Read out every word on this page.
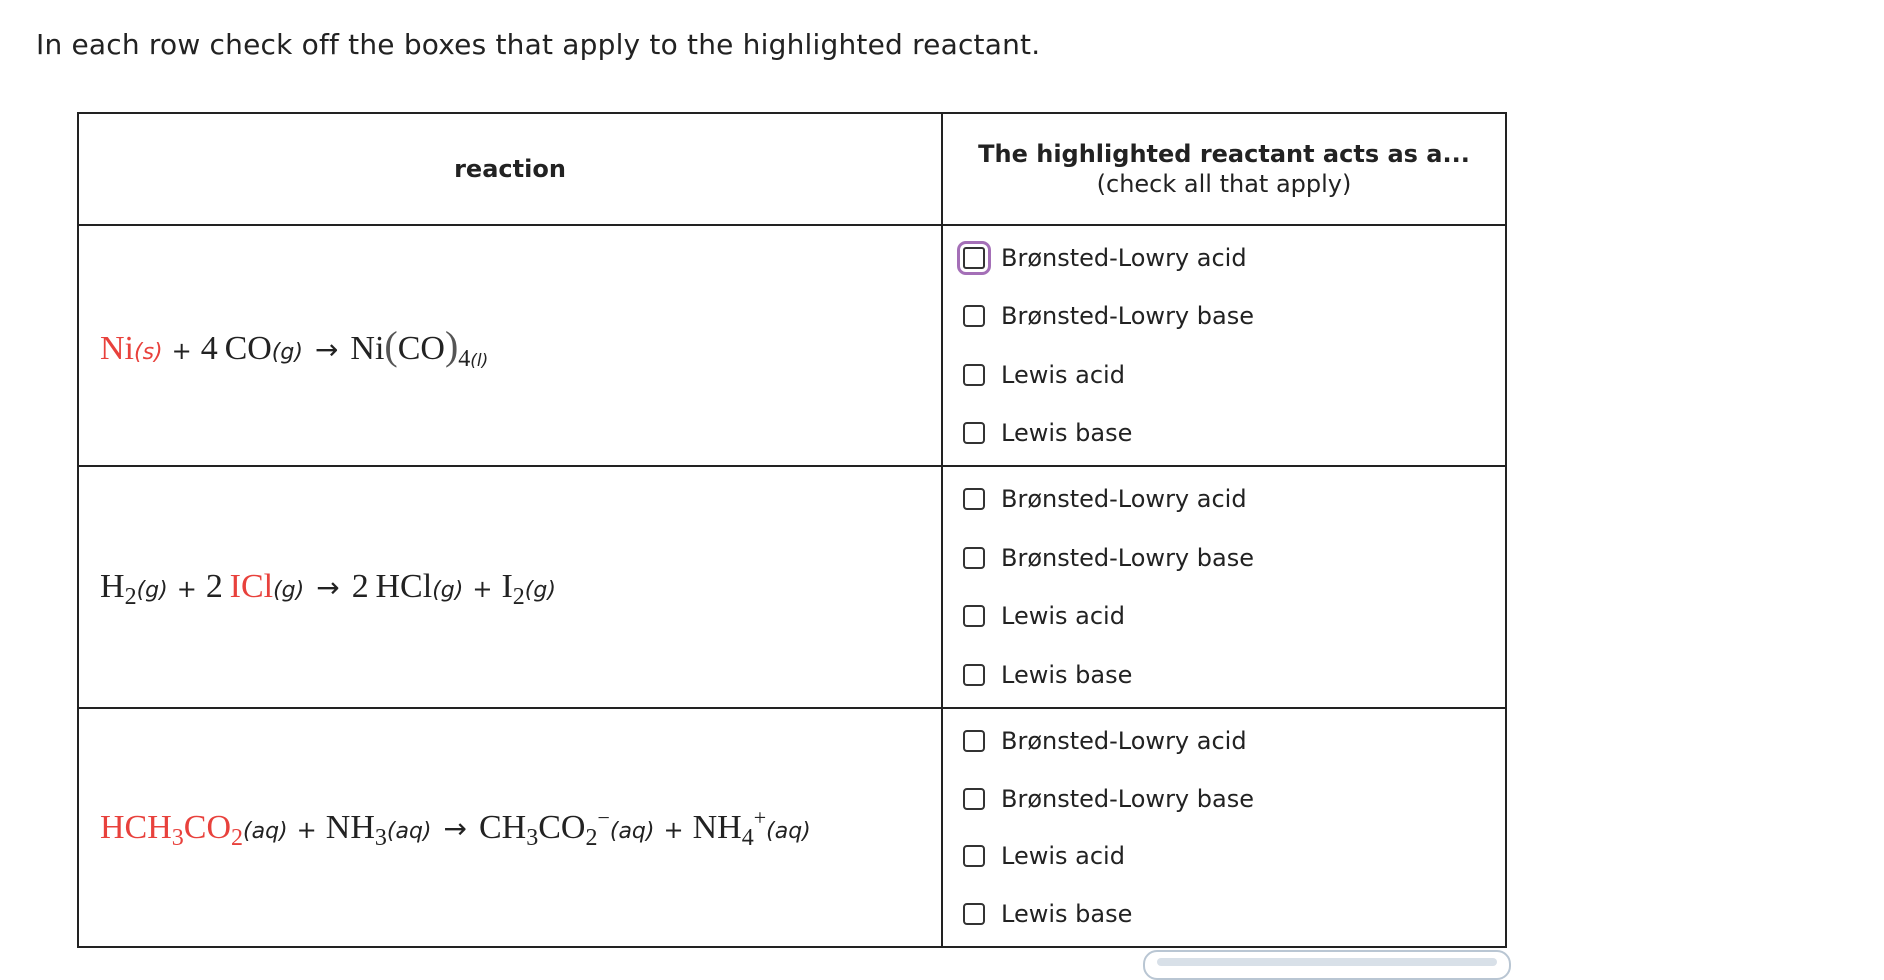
In each row check off the boxes that apply to the highlighted reactant.
reaction
The highlighted reactant acts as a...
(check all that apply)
Ni(s) + 4  $CO(g) \to Ni(CO)_{4(l)}$
Brønsted-Lowry acid
Brønsted-Lowry base
Lewis acid
Lewis base
$H_2(g) + 2$  ICl(g) → 2  $HCl(g) + I_2(g)$
Brønsted-Lowry acid
Brønsted-Lowry base
Lewis acid
Lewis base
$HCH_3CO_2(aq) + NH_3(aq) \to CH_3CO_2^-(aq) + NH_4^+(aq)$
Brønsted-Lowry acid
Brønsted-Lowry base
Lewis acid
Lewis base
